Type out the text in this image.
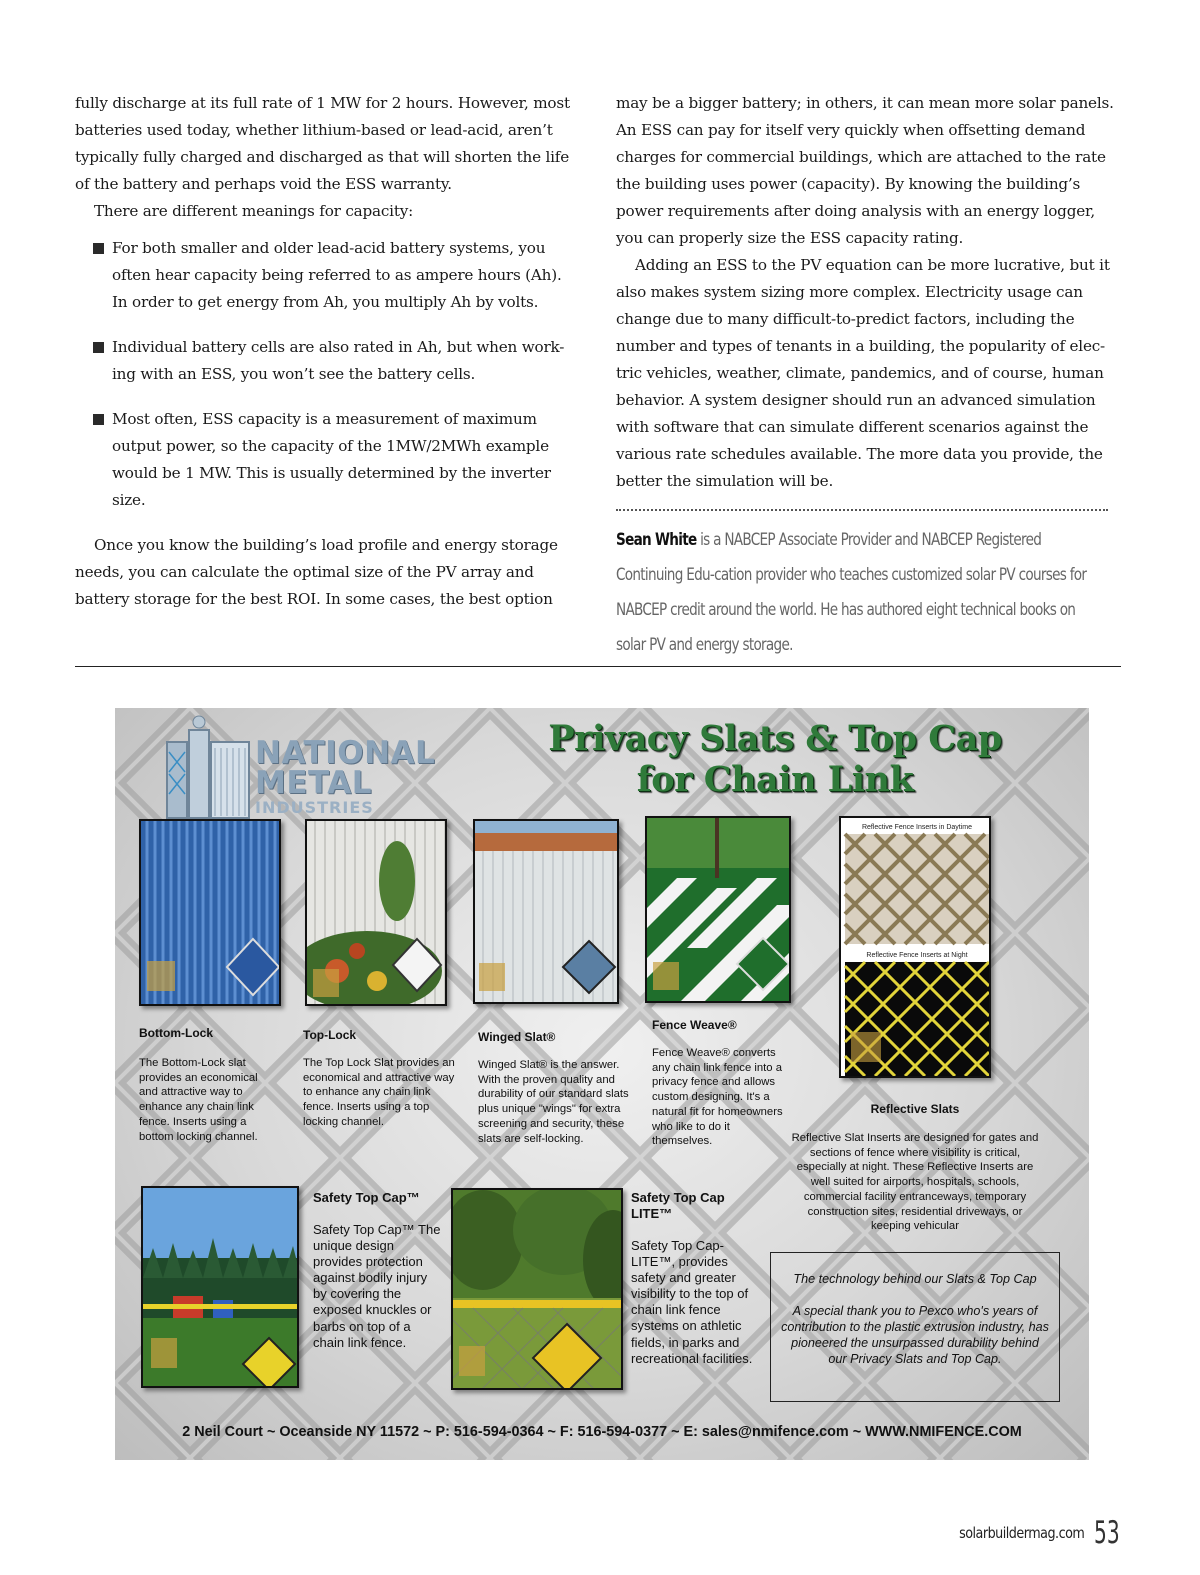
fully discharge at its full rate of 1 MW for 2 hours. However, most batteries used today, whether lithium-based or lead-acid, aren’t typically fully charged and discharged as that will shorten the life of the battery and perhaps void the ESS warranty.

There are different meanings for capacity:

For both smaller and older lead-acid battery systems, you often hear capacity being referred to as ampere hours (Ah). In order to get energy from Ah, you multiply Ah by volts.
Individual battery cells are also rated in Ah, but when work-ing with an ESS, you won’t see the battery cells.
Most often, ESS capacity is a measurement of maximum output power, so the capacity of the 1MW/2MWh example would be 1 MW. This is usually determined by the inverter size.

Once you know the building’s load profile and energy storage needs, you can calculate the optimal size of the PV array and battery storage for the best ROI. In some cases, the best option

may be a bigger battery; in others, it can mean more solar panels. An ESS can pay for itself very quickly when offsetting demand charges for commercial buildings, which are attached to the rate the building uses power (capacity). By knowing the building’s power requirements after doing analysis with an energy logger, you can properly size the ESS capacity rating.

Adding an ESS to the PV equation can be more lucrative, but it also makes system sizing more complex. Electricity usage can change due to many difficult-to-predict factors, including the number and types of tenants in a building, the popularity of elec-tric vehicles, weather, climate, pandemics, and of course, human behavior. A system designer should run an advanced simulation with software that can simulate different scenarios against the various rate schedules available. The more data you provide, the better the simulation will be.

Sean White is a NABCEP Associate Provider and NABCEP Registered Continuing Edu-cation provider who teaches customized solar PV courses for NABCEP credit around the world. He has authored eight technical books on solar PV and energy storage.
NATIONAL
METAL
INDUSTRIES
Privacy Slats & Top Cap
for Chain Link
Reflective Fence Inserts in Daytime
Reflective Fence Inserts at Night
Bottom-Lock
The Bottom-Lock slat provides an economical and attractive way to enhance any chain link fence. Inserts using a bottom locking channel.
Top-Lock
The Top Lock Slat provides an economical and attractive way to enhance any chain link fence. Inserts using a top locking channel.
Winged Slat®
Winged Slat® is the answer. With the proven quality and durability of our standard slats plus unique "wings" for extra screening and security, these slats are self-locking.
Fence Weave®
Fence Weave® converts any chain link fence into a privacy fence and allows custom designing. It's a natural fit for homeowners who like to do it themselves.
Reflective Slats
Reflective Slat Inserts are designed for gates and sections of fence where visibility is critical, especially at night. These Reflective Inserts are well suited for airports, hospitals, schools, commercial facility entranceways, temporary construction sites, residential driveways, or keeping vehicular
Safety Top Cap™
Safety Top Cap™ The unique design provides protection against bodily injury by covering the exposed knuckles or barbs on top of a chain link fence.
Safety Top Cap LITE™
Safety Top Cap-LITE™, provides safety and greater visibility to the top of chain link fence systems on athletic fields, in parks and recreational facilities.

The technology behind our Slats & Top Cap

A special thank you to Pexco who's years of contribution to the plastic extrusion industry, has pioneered the unsurpassed durability behind our Privacy Slats and Top Cap.

2 Neil Court ~ Oceanside NY 11572 ~ P: 516-594-0364 ~ F: 516-594-0377 ~ E: sales@nmifence.com ~ WWW.NMIFENCE.COM
solarbuildermag.com 53
